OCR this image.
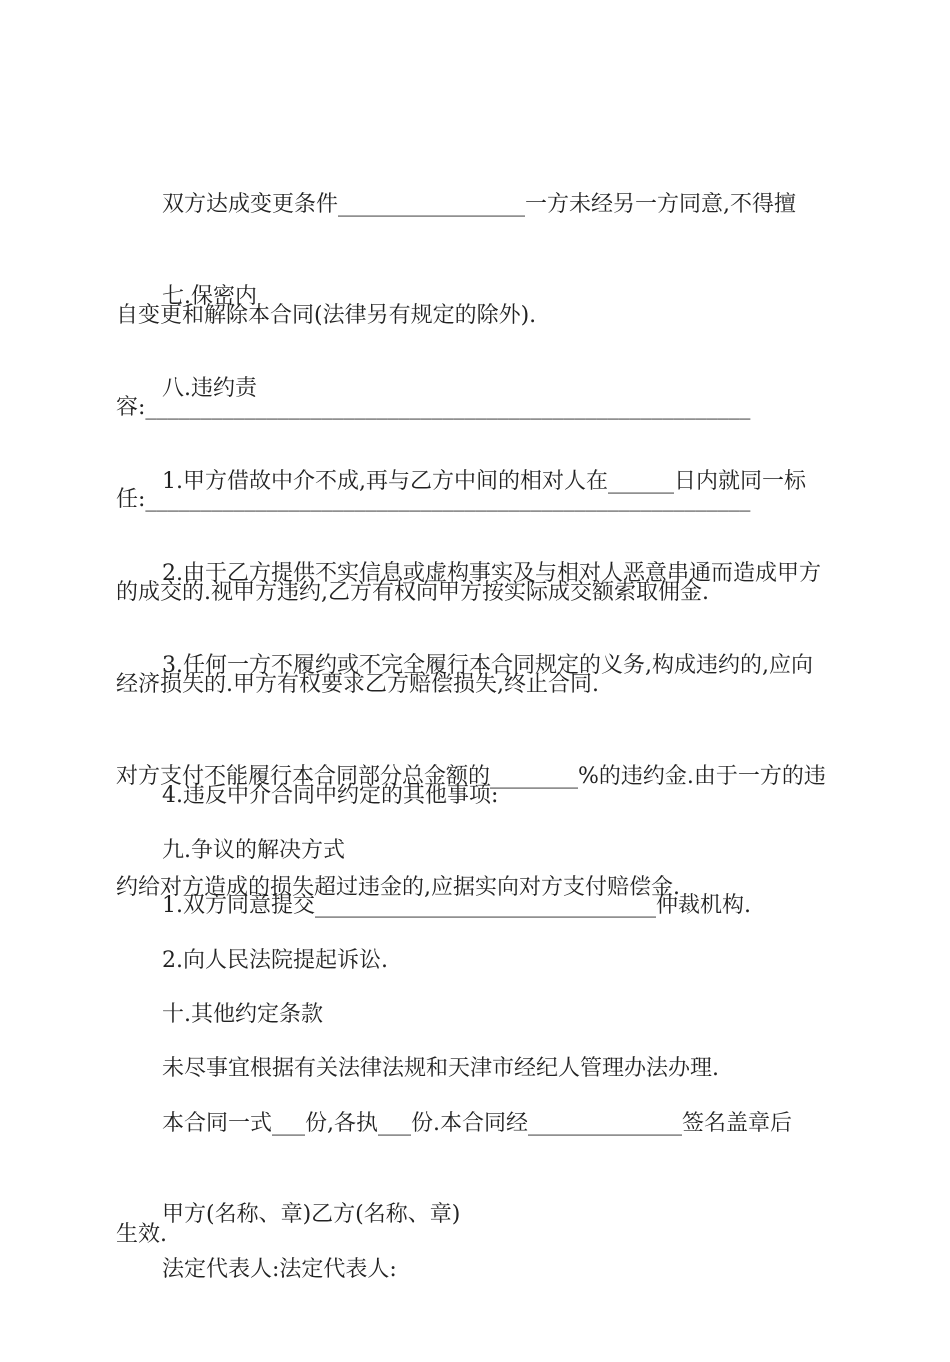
双方达成变更条件_________________一方未经另一方同意,不得擅

自变更和解除本合同(法律另有规定的除外).

七.保密内

容:_______________________________________________________

八.违约责

任:_______________________________________________________

1.甲方借故中介不成,再与乙方中间的相对人在______日内就同一标

的成交的.视甲方违约,乙方有权向甲方按实际成交额索取佣金.

2.由于乙方提供不实信息或虚构事实及与相对人恶意串通而造成甲方

经济损失的.甲方有权要求乙方赔偿损失,终止合同.

3.任何一方不履约或不完全履行本合同规定的义务,构成违约的,应向

对方支付不能履行本合同部分总金额的________%的违约金.由于一方的违

约给对方造成的损失超过违金的,应据实向对方支付赔偿金.

4.违反中介合同中约定的其他事项:

九.争议的解决方式

1.双方同意提交_______________________________仲裁机构.

2.向人民法院提起诉讼.

十.其他约定条款

未尽事宜根据有关法律法规和天津市经纪人管理办法办理.

本合同一式___份,各执___份.本合同经______________签名盖章后

生效.

甲方(名称、章)乙方(名称、章)

法定代表人:法定代表人:
